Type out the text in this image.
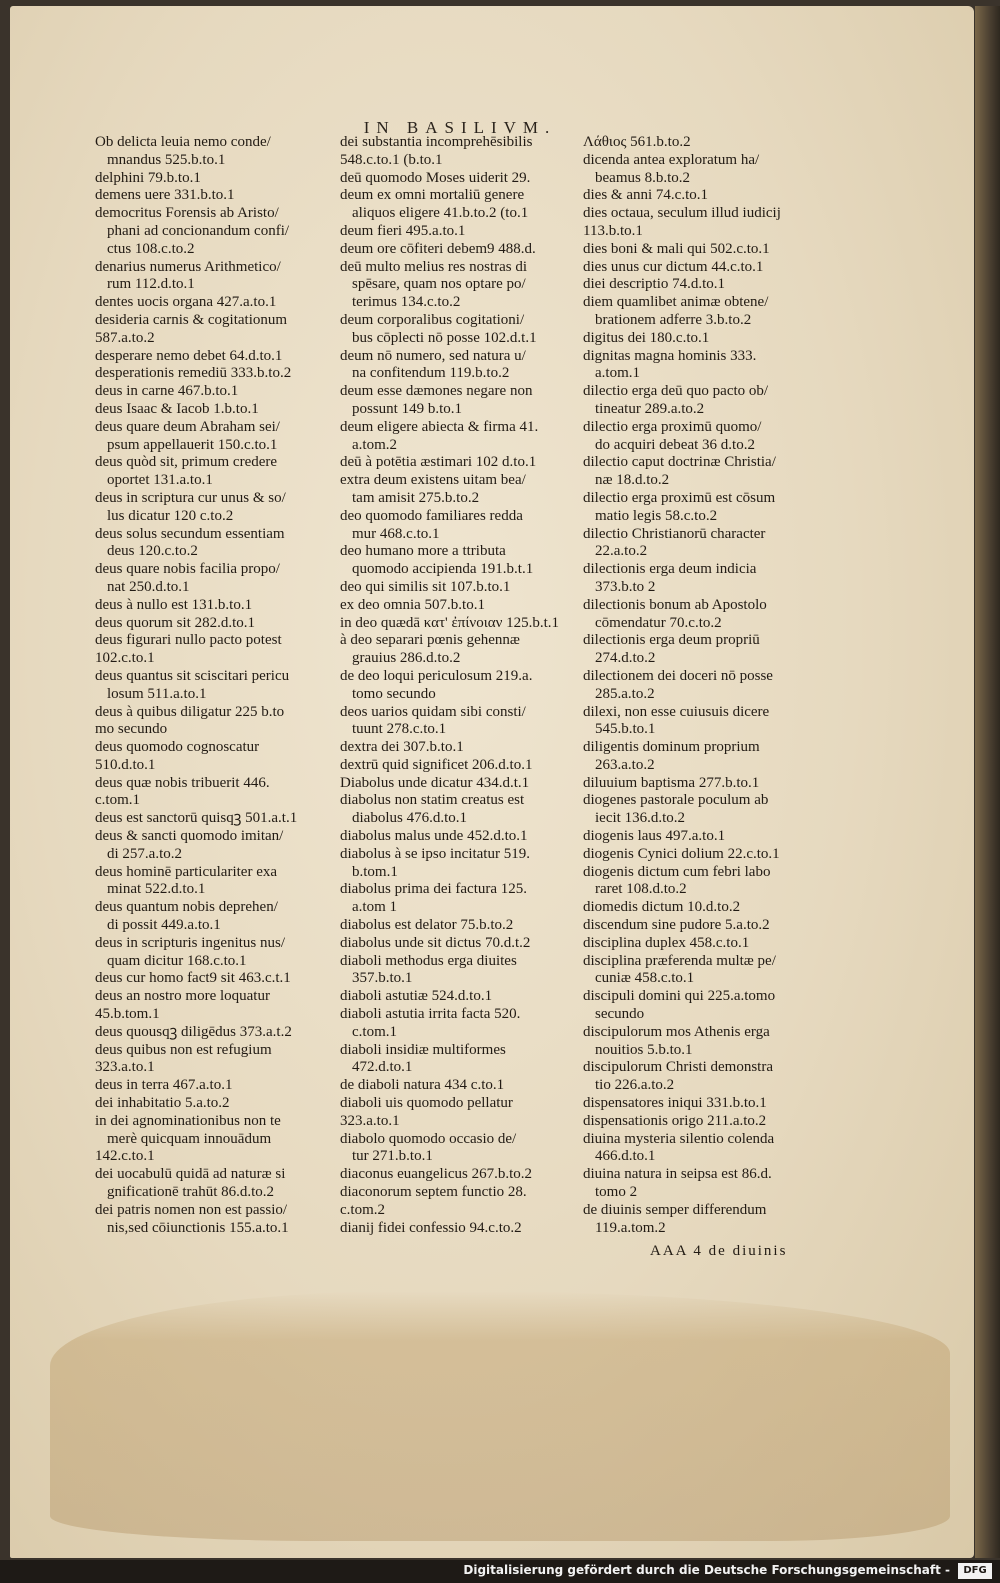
IN BASILIVM.
Ob delicta leuia nemo conde/
mnandus 525.b.to.1
delphini 79.b.to.1
demens uere 331.b.to.1
democritus Forensis ab Aristo/
phani ad concionandum confi/
ctus 108.c.to.2
denarius numerus Arithmetico/
rum 112.d.to.1
dentes uocis organa 427.a.to.1
desideria carnis & cogitationum
587.a.to.2
desperare nemo debet 64.d.to.1
desperationis remediū 333.b.to.2
deus in carne 467.b.to.1
deus Isaac & Iacob 1.b.to.1
deus quare deum Abraham sei/
psum appellauerit 150.c.to.1
deus quòd sit, primum credere
oportet 131.a.to.1
deus in scriptura cur unus & so/
lus dicatur 120 c.to.2
deus solus secundum essentiam
deus 120.c.to.2
deus quare nobis facilia propo/
nat 250.d.to.1
deus à nullo est 131.b.to.1
deus quorum sit 282.d.to.1
deus figurari nullo pacto potest
102.c.to.1
deus quantus sit sciscitari pericu
losum 511.a.to.1
deus à quibus diligatur 225 b.to
mo secundo
deus quomodo cognoscatur
510.d.to.1
deus quæ nobis tribuerit 446.
c.tom.1
deus est sanctorū quisqꝫ 501.a.t.1
deus & sancti quomodo imitan/
di 257.a.to.2
deus hominē particulariter exa
minat 522.d.to.1
deus quantum nobis deprehen/
di possit 449.a.to.1
deus in scripturis ingenitus nus/
quam dicitur 168.c.to.1
deus cur homo fact9 sit 463.c.t.1
deus an nostro more loquatur
45.b.tom.1
deus quousqꝫ diligēdus 373.a.t.2
deus quibus non est refugium
323.a.to.1
deus in terra 467.a.to.1
dei inhabitatio 5.a.to.2
in dei agnominationibus non te
merè quicquam innouādum
142.c.to.1
dei uocabulū quidā ad naturæ si
gnificationē trahūt 86.d.to.2
dei patris nomen non est passio/
nis,sed cōiunctionis 155.a.to.1
dei substantia incomprehēsibilis
548.c.to.1 (b.to.1
deū quomodo Moses uiderit 29.
deum ex omni mortaliū genere
aliquos eligere 41.b.to.2 (to.1
deum fieri 495.a.to.1
deum ore cōfiteri debem9 488.d.
deū multo melius res nostras di
spēsare, quam nos optare po/
terimus 134.c.to.2
deum corporalibus cogitationi/
bus cōplecti nō posse 102.d.t.1
deum nō numero, sed natura u/
na confitendum 119.b.to.2
deum esse dæmones negare non
possunt 149 b.to.1
deum eligere abiecta & firma 41.
a.tom.2
deū à potētia æstimari 102 d.to.1
extra deum existens uitam bea/
tam amisit 275.b.to.2
deo quomodo familiares redda
mur 468.c.to.1
deo humano more a ttributa
quomodo accipienda 191.b.t.1
deo qui similis sit 107.b.to.1
ex deo omnia 507.b.to.1
in deo quædā κατ' ἐπίνοιαν 125.b.t.1
à deo separari pœnis gehennæ
grauius 286.d.to.2
de deo loqui periculosum 219.a.
tomo secundo
deos uarios quidam sibi consti/
tuunt 278.c.to.1
dextra dei 307.b.to.1
dextrū quid significet 206.d.to.1
Diabolus unde dicatur 434.d.t.1
diabolus non statim creatus est
diabolus 476.d.to.1
diabolus malus unde 452.d.to.1
diabolus à se ipso incitatur 519.
b.tom.1
diabolus prima dei factura 125.
a.tom 1
diabolus est delator 75.b.to.2
diabolus unde sit dictus 70.d.t.2
diaboli methodus erga diuites
357.b.to.1
diaboli astutiæ 524.d.to.1
diaboli astutia irrita facta 520.
c.tom.1
diaboli insidiæ multiformes
472.d.to.1
de diaboli natura 434 c.to.1
diaboli uis quomodo pellatur
323.a.to.1
diabolo quomodo occasio de/
tur 271.b.to.1
diaconus euangelicus 267.b.to.2
diaconorum septem functio 28.
c.tom.2
dianij fidei confessio 94.c.to.2
Λάθιος 561.b.to.2
dicenda antea exploratum ha/
beamus 8.b.to.2
dies & anni 74.c.to.1
dies octaua, seculum illud iudicij
113.b.to.1
dies boni & mali qui 502.c.to.1
dies unus cur dictum 44.c.to.1
diei descriptio 74.d.to.1
diem quamlibet animæ obtene/
brationem adferre 3.b.to.2
digitus dei 180.c.to.1
dignitas magna hominis 333.
a.tom.1
dilectio erga deū quo pacto ob/
tineatur 289.a.to.2
dilectio erga proximū quomo/
do acquiri debeat 36 d.to.2
dilectio caput doctrinæ Christia/
næ 18.d.to.2
dilectio erga proximū est cōsum
matio legis 58.c.to.2
dilectio Christianorū character
22.a.to.2
dilectionis erga deum indicia
373.b.to 2
dilectionis bonum ab Apostolo
cōmendatur 70.c.to.2
dilectionis erga deum propriū
274.d.to.2
dilectionem dei doceri nō posse
285.a.to.2
dilexi, non esse cuiusuis dicere
545.b.to.1
diligentis dominum proprium
263.a.to.2
diluuium baptisma 277.b.to.1
diogenes pastorale poculum ab
iecit 136.d.to.2
diogenis laus 497.a.to.1
diogenis Cynici dolium 22.c.to.1
diogenis dictum cum febri labo
raret 108.d.to.2
diomedis dictum 10.d.to.2
discendum sine pudore 5.a.to.2
disciplina duplex 458.c.to.1
disciplina præferenda multæ pe/
cuniæ 458.c.to.1
discipuli domini qui 225.a.tomo
secundo
discipulorum mos Athenis erga
nouitios 5.b.to.1
discipulorum Christi demonstra
tio 226.a.to.2
dispensatores iniqui 331.b.to.1
dispensationis origo 211.a.to.2
diuina mysteria silentio colenda
466.d.to.1
diuina natura in seipsa est 86.d.
tomo 2
de diuinis semper differendum
119.a.tom.2
AAA 4 de diuinis
Digitalisierung gefördert durch die Deutsche Forschungsgemeinschaft -	DFG
